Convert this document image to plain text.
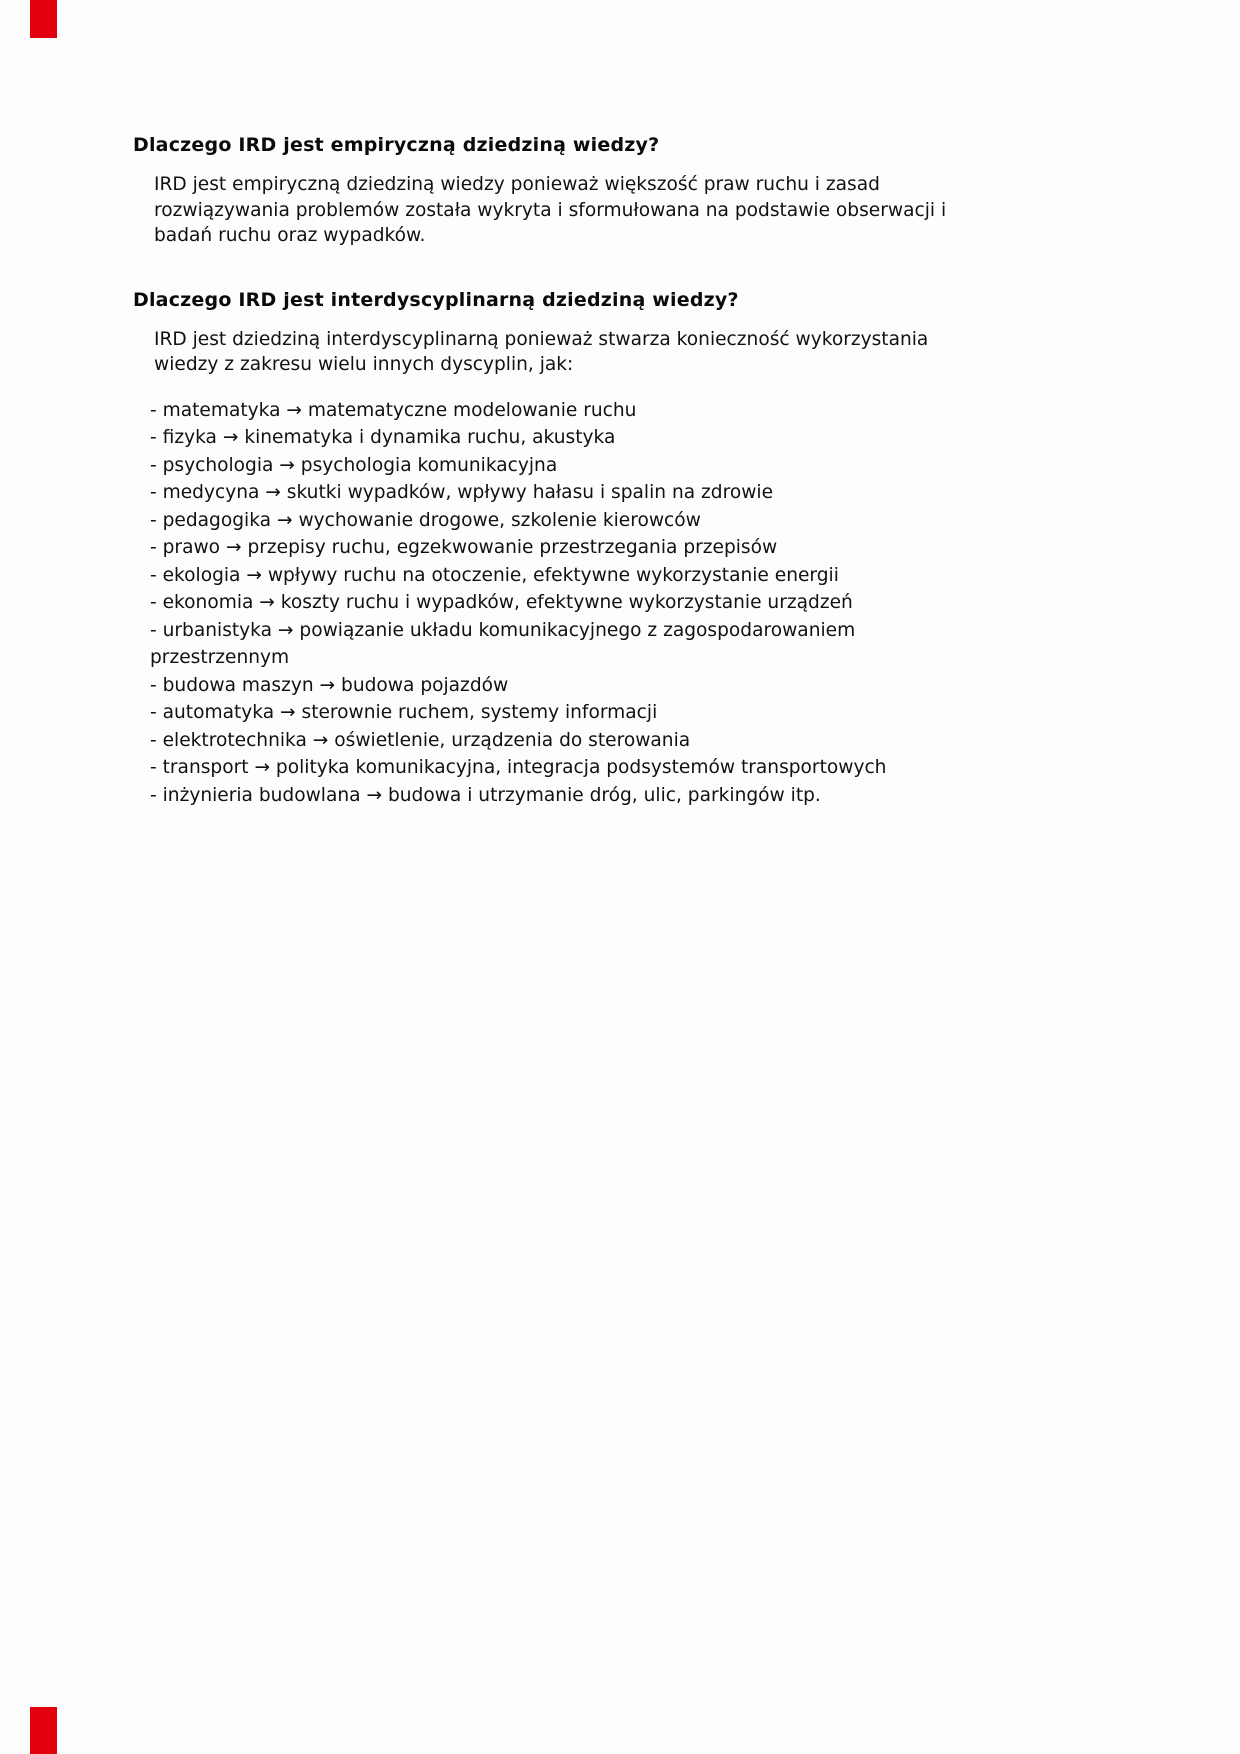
Dlaczego IRD jest empiryczną dziedziną wiedzy?
IRD jest empiryczną dziedziną wiedzy ponieważ większość praw ruchu i zasad rozwiązywania problemów została wykryta i sformułowana na podstawie obserwacji i badań ruchu oraz wypadków.
Dlaczego IRD jest interdyscyplinarną dziedziną wiedzy?
IRD jest dziedziną interdyscyplinarną ponieważ stwarza konieczność wykorzystania wiedzy z zakresu wielu innych dyscyplin, jak:
- matematyka → matematyczne modelowanie ruchu
- fizyka → kinematyka i dynamika ruchu, akustyka
- psychologia → psychologia komunikacyjna
- medycyna → skutki wypadków, wpływy hałasu i spalin na zdrowie
- pedagogika → wychowanie drogowe, szkolenie kierowców
- prawo → przepisy ruchu, egzekwowanie przestrzegania przepisów
- ekologia → wpływy ruchu na otoczenie, efektywne wykorzystanie energii
- ekonomia → koszty ruchu i wypadków, efektywne wykorzystanie urządzeń
- urbanistyka → powiązanie układu komunikacyjnego z zagospodarowaniem przestrzennym
- budowa maszyn → budowa pojazdów
- automatyka → sterownie ruchem, systemy informacji
- elektrotechnika → oświetlenie, urządzenia do sterowania
- transport → polityka komunikacyjna, integracja podsystemów transportowych
- inżynieria budowlana → budowa i utrzymanie dróg, ulic, parkingów itp.
